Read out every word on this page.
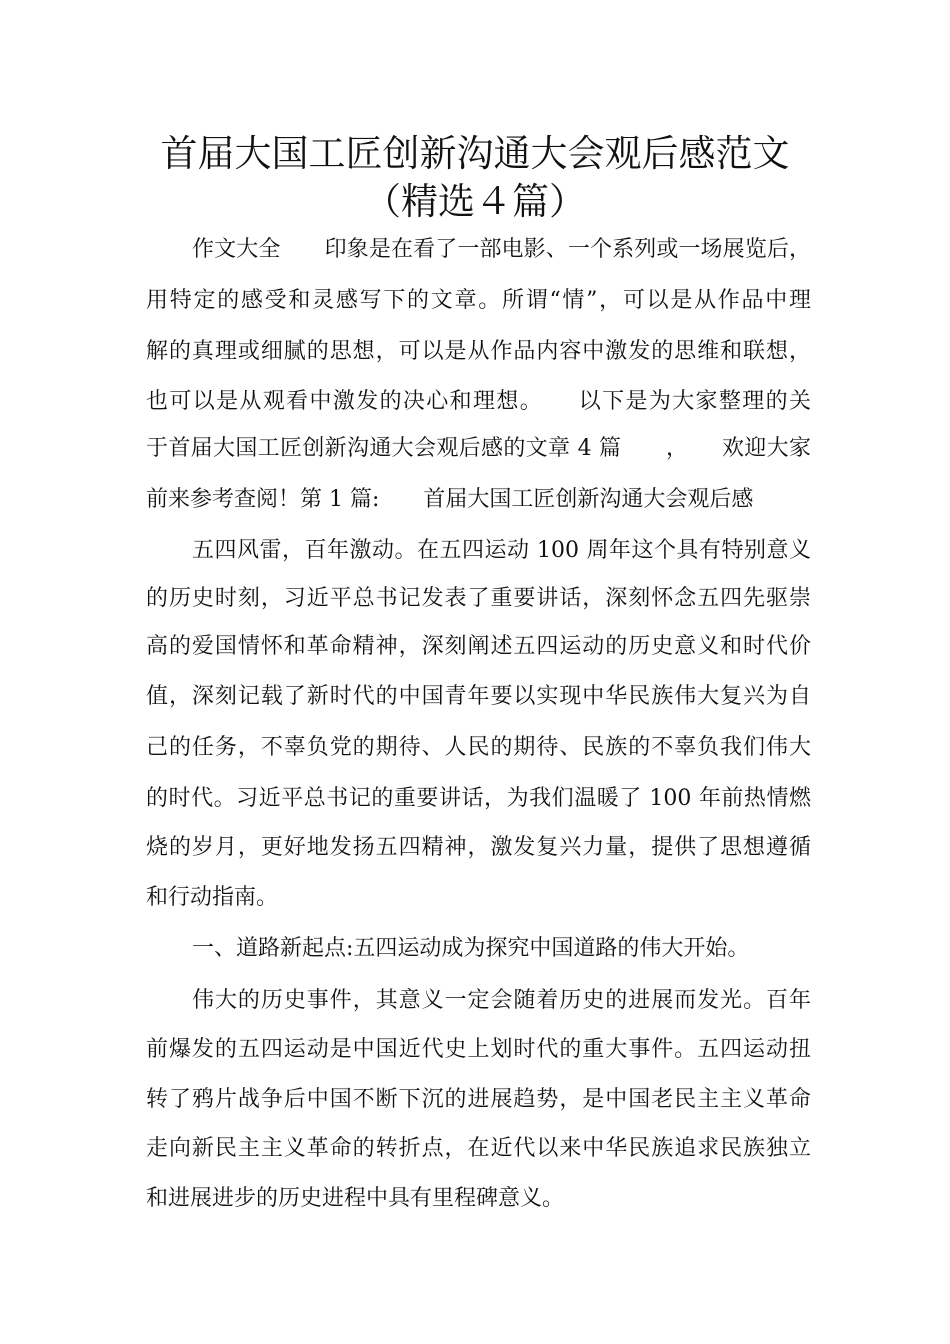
首届大国工匠创新沟通大会观后感范文
（精选４篇）

作文大全　　印象是在看了一部电影、一个系列或一场展览后，

用特定的感受和灵感写下的文章。所谓“情”，可以是从作品中理

解的真理或细腻的思想，可以是从作品内容中激发的思维和联想，

也可以是从观看中激发的决心和理想。　　以下是为大家整理的关

于首届大国工匠创新沟通大会观后感的文章 4 篇　　，　　欢迎大家

前来参考查阅！第 1 篇:　　首届大国工匠创新沟通大会观后感

五四风雷，百年激动。在五四运动 100 周年这个具有特别意义

的历史时刻，习近平总书记发表了重要讲话，深刻怀念五四先驱崇

高的爱国情怀和革命精神，深刻阐述五四运动的历史意义和时代价

值，深刻记载了新时代的中国青年要以实现中华民族伟大复兴为自

己的任务，不辜负党的期待、人民的期待、民族的不辜负我们伟大

的时代。习近平总书记的重要讲话，为我们温暖了 100 年前热情燃

烧的岁月，更好地发扬五四精神，激发复兴力量，提供了思想遵循

和行动指南。

一、道路新起点:五四运动成为探究中国道路的伟大开始。

伟大的历史事件，其意义一定会随着历史的进展而发光。百年

前爆发的五四运动是中国近代史上划时代的重大事件。五四运动扭

转了鸦片战争后中国不断下沉的进展趋势，是中国老民主主义革命

走向新民主主义革命的转折点，在近代以来中华民族追求民族独立

和进展进步的历史进程中具有里程碑意义。
